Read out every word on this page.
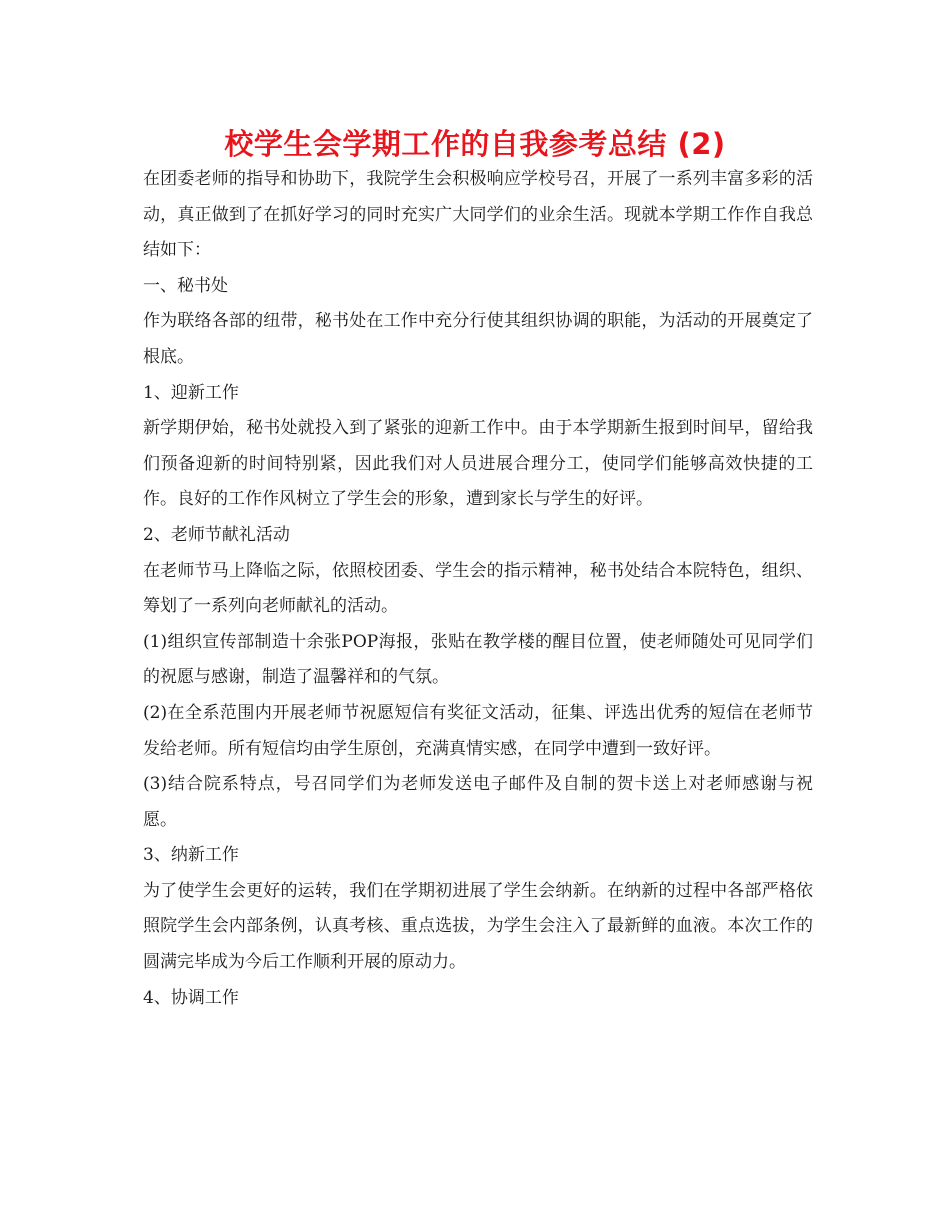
校学生会学期工作的自我参考总结 (2)

在团委老师的指导和协助下，我院学生会积极响应学校号召，开展了一系列丰富多彩的活动，真正做到了在抓好学习的同时充实广大同学们的业余生活。现就本学期工作作自我总结如下：

一、秘书处

作为联络各部的纽带，秘书处在工作中充分行使其组织协调的职能，为活动的开展奠定了根底。

1、迎新工作

新学期伊始，秘书处就投入到了紧张的迎新工作中。由于本学期新生报到时间早，留给我们预备迎新的时间特别紧，因此我们对人员进展合理分工，使同学们能够高效快捷的工作。良好的工作作风树立了学生会的形象，遭到家长与学生的好评。

2、老师节献礼活动

在老师节马上降临之际，依照校团委、学生会的指示精神，秘书处结合本院特色，组织、筹划了一系列向老师献礼的活动。

(1)组织宣传部制造十余张POP海报，张贴在教学楼的醒目位置，使老师随处可见同学们的祝愿与感谢，制造了温馨祥和的气氛。

(2)在全系范围内开展老师节祝愿短信有奖征文活动，征集、评选出优秀的短信在老师节发给老师。所有短信均由学生原创，充满真情实感，在同学中遭到一致好评。

(3)结合院系特点，号召同学们为老师发送电子邮件及自制的贺卡送上对老师感谢与祝愿。

3、纳新工作

为了使学生会更好的运转，我们在学期初进展了学生会纳新。在纳新的过程中各部严格依照院学生会内部条例，认真考核、重点选拔，为学生会注入了最新鲜的血液。本次工作的圆满完毕成为今后工作顺利开展的原动力。

4、协调工作
